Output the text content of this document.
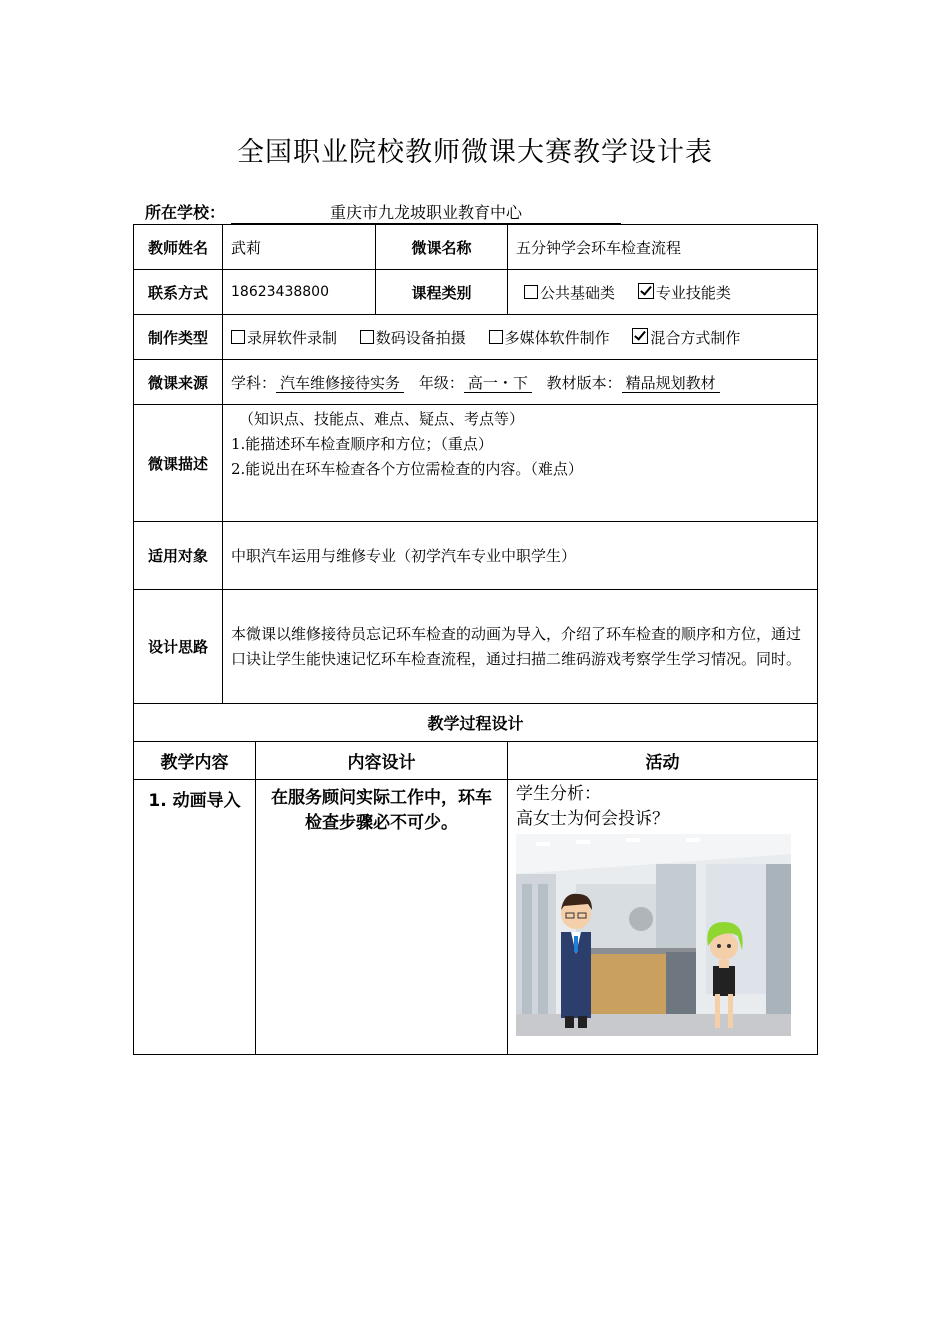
全国职业院校教师微课大赛教学设计表
所在学校：	重庆市九龙坡职业教育中心
教师姓名	武莉		微课名称	五分钟学会环车检查流程
联系方式	18623438800		课程类别	公共基础类 专业技能类
制作类型	录屏软件录制 数码设备拍摄 多媒体软件制作 混合方式制作			
微课来源	学科： 汽车维修接待实务 年级： 高一・下 教材版本： 精品规划教材			
微课描述	（知识点、技能点、难点、疑点、考点等）
1.能描述环车检查顺序和方位；（重点）
2.能说出在环车检查各个方位需检查的内容。（难点）			

适用对象	中职汽车运用与维修专业（初学汽车专业中职学生）			
设计思路	本微课以维修接待员忘记环车检查的动画为导入，介绍了环车检查的顺序和方位，通过口诀让学生能快速记忆环车检查流程，通过扫描二维码游戏考察学生学习情况。同时。			
教学过程设计				
教学内容		内容设计		活动
1. 动画导入		在服务顾问实际工作中，环车检查步骤必不可少。		学生分析：
高女士为何会投诉？
